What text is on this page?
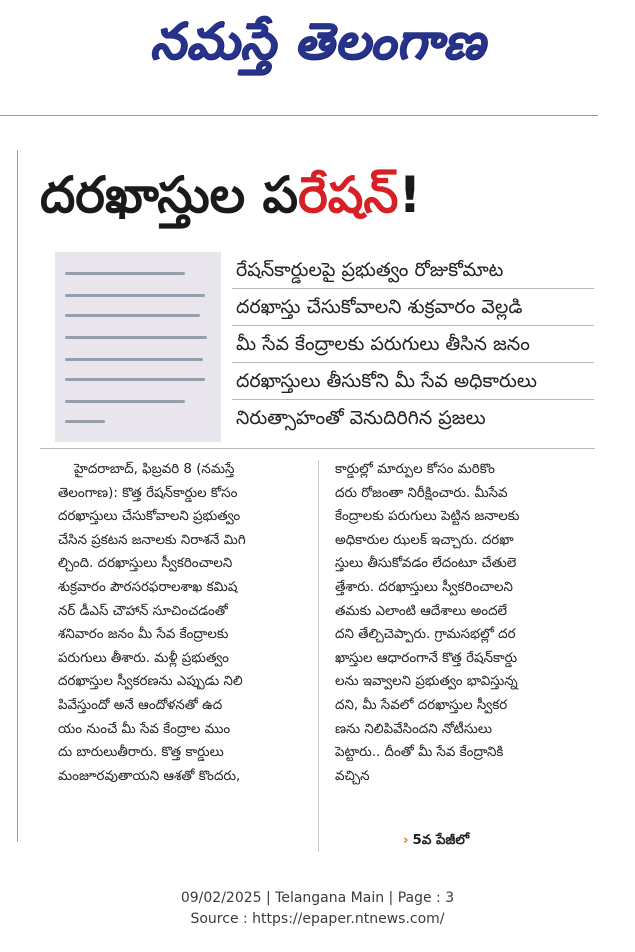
నమస్తే తెలంగాణ
దరఖాస్తుల పరేషన్!
రేషన్‌కార్డులపై ప్రభుత్వం రోజుకోమాట
దరఖాస్తు చేసుకోవాలని శుక్రవారం వెల్లడి
మీ సేవ కేంద్రాలకు పరుగులు తీసిన జనం
దరఖాస్తులు తీసుకోని మీ సేవ అధికారులు
నిరుత్సాహంతో వెనుదిరిగిన ప్రజలు
హైదరాబాద్, ఫిబ్రవరి 8 (నమస్తే
తెలంగాణ): కొత్త రేషన్‌కార్డుల కోసం
దరఖాస్తులు చేసుకోవాలని ప్రభుత్వం
చేసిన ప్రకటన జనాలకు నిరాశనే మిగి
ల్చింది. దరఖాస్తులు స్వీకరించాలని
శుక్రవారం పౌరసరఫరాలశాఖ కమిష
నర్ డీఎస్ చౌహాన్ సూచించడంతో
శనివారం జనం మీ సేవ కేంద్రాలకు
పరుగులు తీశారు. మళ్లీ ప్రభుత్వం
దరఖాస్తుల స్వీకరణను ఎప్పుడు నిలి
పివేస్తుందో అనే ఆందోళనతో ఉద
యం నుంచే మీ సేవ కేంద్రాల ముం
దు బారులుతీరారు. కొత్త కార్డులు
మంజూరవుతాయని ఆశతో కొందరు,
కార్డుల్లో మార్పుల కోసం మరికొం
దరు రోజంతా నిరీక్షించారు. మీసేవ
కేంద్రాలకు పరుగులు పెట్టిన జనాలకు
అధికారుల ఝలక్ ఇచ్చారు. దరఖా
స్తులు తీసుకోవడం లేదంటూ చేతులె
త్తేశారు. దరఖాస్తులు స్వీకరించాలని
తమకు ఎలాంటి ఆదేశాలు అందలే
దని తేల్చిచెప్పారు. గ్రామసభల్లో దర
ఖాస్తుల ఆధారంగానే కొత్త రేషన్‌కార్డు
లను ఇవ్వాలని ప్రభుత్వం భావిస్తున్న
దని, మీ సేవలో దరఖాస్తుల స్వీకర
ణను నిలిపివేసిందని నోటీసులు
పెట్టారు.. దీంతో మీ సేవ కేంద్రానికి
వచ్చిన
› 5వ పేజీలో
09/02/2025 | Telangana Main | Page : 3
Source : https://epaper.ntnews.com/
